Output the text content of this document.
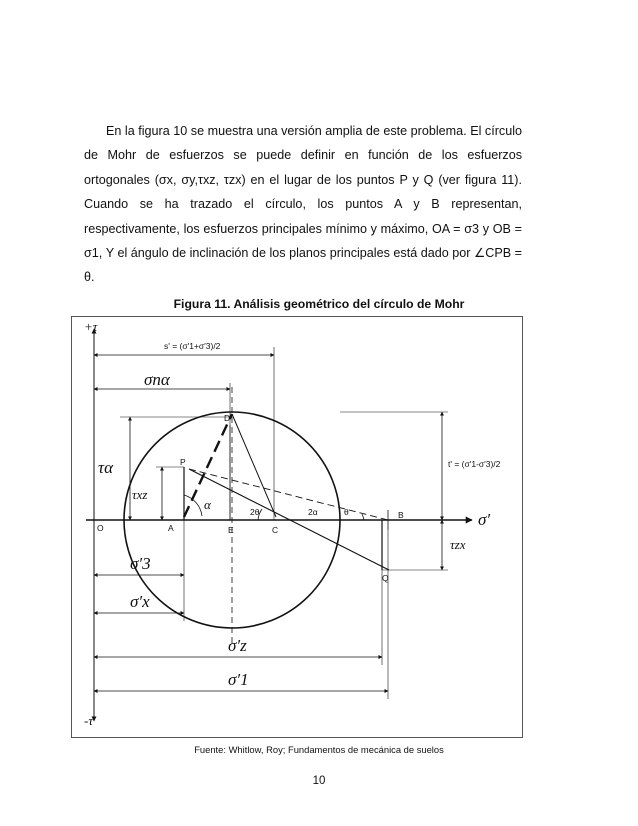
En la figura 10 se muestra una versión amplia de este problema. El círculo de Mohr de esfuerzos se puede definir en función de los esfuerzos ortogonales (σx, σy,τxz, τzx) en el lugar de los puntos P y Q (ver figura 11). Cuando se ha trazado el círculo, los puntos A y B representan, respectivamente, los esfuerzos principales mínimo y máximo, OA = σ3 y OB = σ1, Y el ángulo de inclinación de los planos principales está dado por ∠CPB = θ.

Figura 11. Análisis geométrico del círculo de Mohr
+τ
-τ
σ′
s' = (σ′1+σ′3)/2
t' = (σ′1-σ′3)/2
σnα
τα
τxz
τzx
σ′3
σ′x
σ′z
σ′1
O	A	E	C
B
D
P
Q
α	2α
2θ	θ
Fuente: Whitlow, Roy; Fundamentos de mecánica de suelos
10
